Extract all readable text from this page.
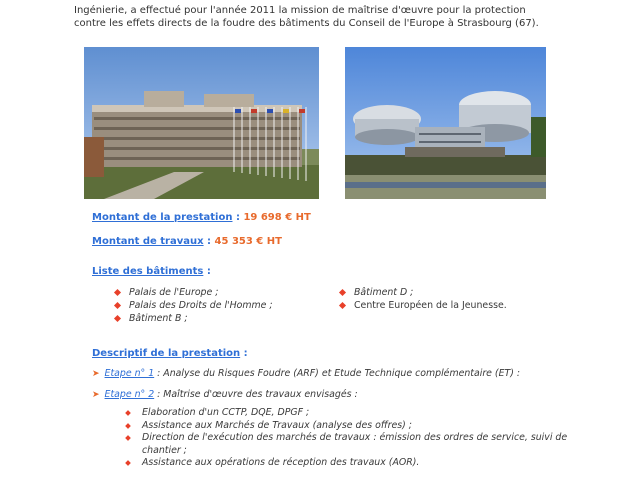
Ingénierie, a effectué pour l'année 2011 la mission de maîtrise d'œuvre pour la protection
contre les effets directs de la foudre des bâtiments du Conseil de l'Europe à Strasbourg (67).
Montant de la prestation : 19 698 € HT
Montant de travaux : 45 353 € HT
Liste des bâtiments :
Palais de l'Europe ;
Palais des Droits de l'Homme ;
Bâtiment B ;
Bâtiment D ;
Centre Européen de la Jeunesse.
Descriptif de la prestation :
➤ Etape n° 1 : Analyse du Risques Foudre (ARF) et Etude Technique complémentaire (ET) :
➤ Etape n° 2 : Maîtrise d'œuvre des travaux envisagés :
Elaboration d'un CCTP, DQE, DPGF ;
Assistance aux Marchés de Travaux (analyse des offres) ;
Direction de l'exécution des marchés de travaux : émission des ordres de service, suivi de chantier ;
Assistance aux opérations de réception des travaux (AOR).
